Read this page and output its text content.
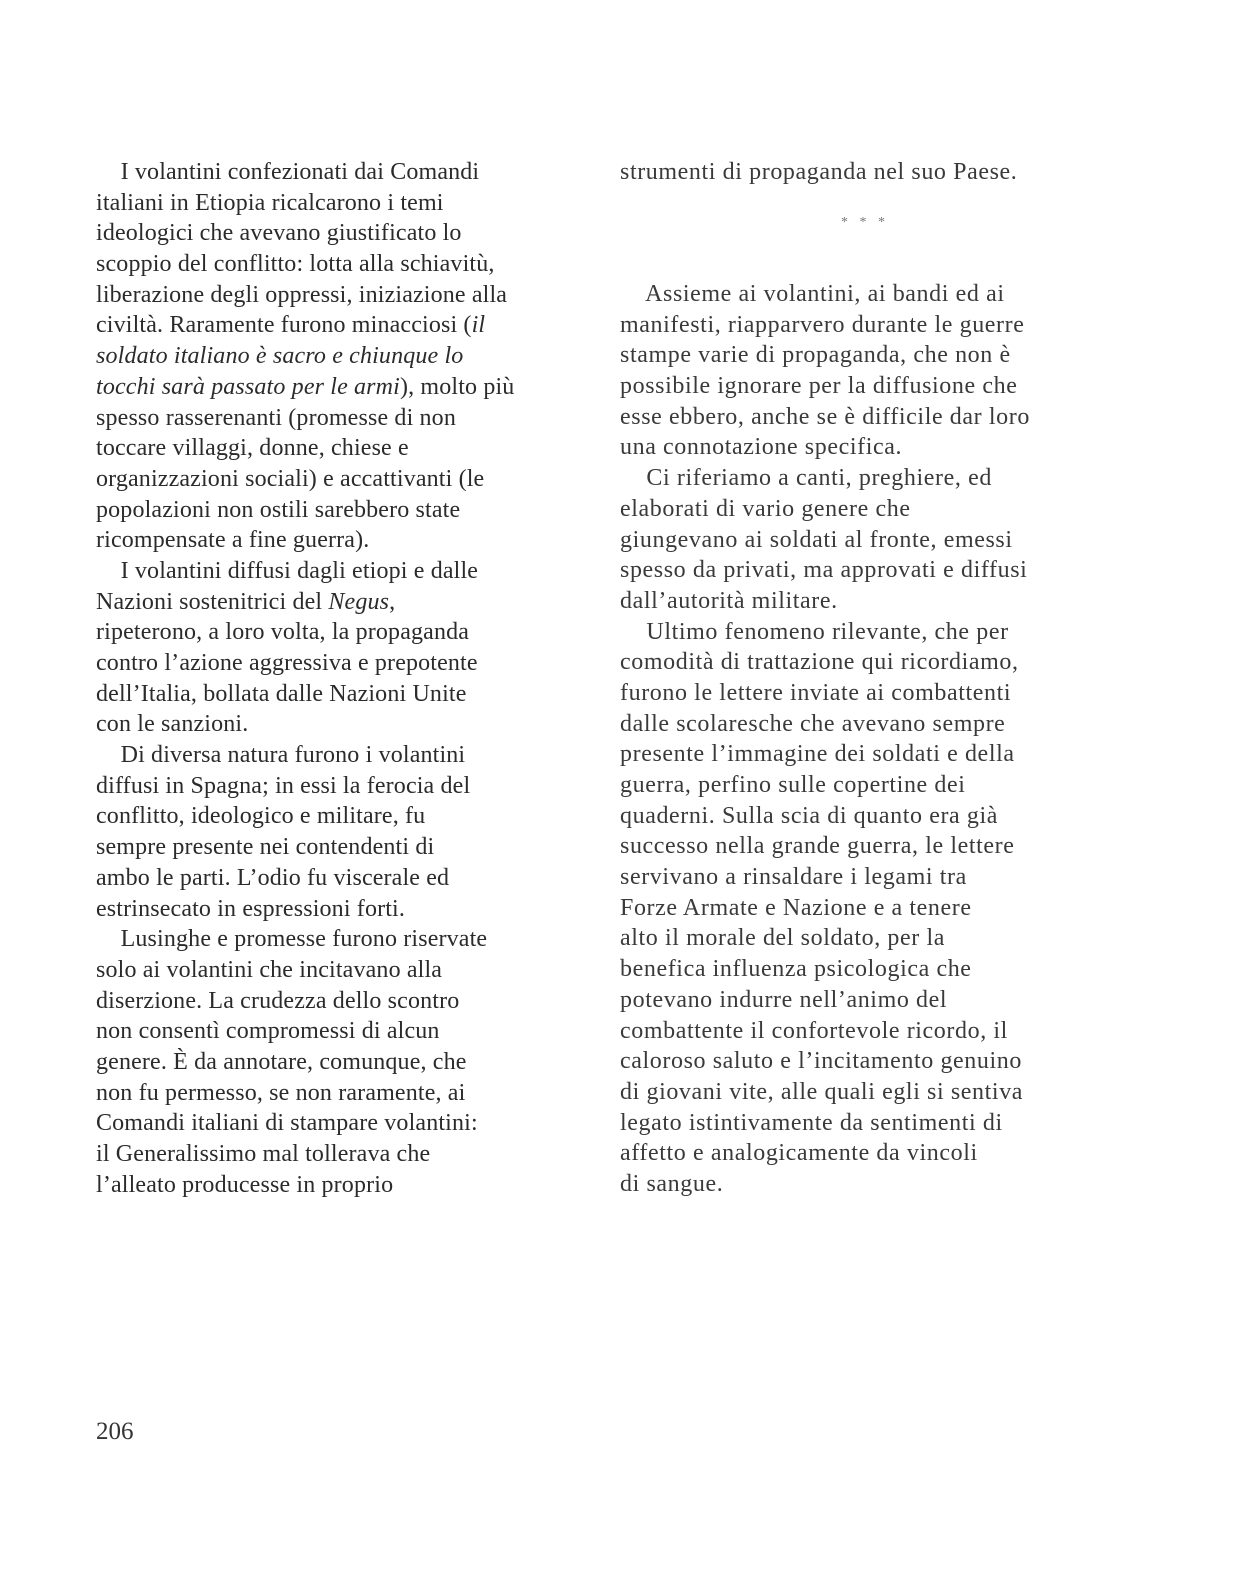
I volantini confezionati dai Comandi
italiani in Etiopia ricalcarono i temi
ideologici che avevano giustificato lo
scoppio del conflitto: lotta alla schiavitù,
liberazione degli oppressi, iniziazione alla
civiltà. Raramente furono minacciosi (il
soldato italiano è sacro e chiunque lo
tocchi sarà passato per le armi), molto più
spesso rasserenanti (promesse di non
toccare villaggi, donne, chiese e
organizzazioni sociali) e accattivanti (le
popolazioni non ostili sarebbero state
ricompensate a fine guerra).
I volantini diffusi dagli etiopi e dalle
Nazioni sostenitrici del Negus,
ripeterono, a loro volta, la propaganda
contro l’azione aggressiva e prepotente
dell’Italia, bollata dalle Nazioni Unite
con le sanzioni.
Di diversa natura furono i volantini
diffusi in Spagna; in essi la ferocia del
conflitto, ideologico e militare, fu
sempre presente nei contendenti di
ambo le parti. L’odio fu viscerale ed
estrinsecato in espressioni forti.
Lusinghe e promesse furono riservate
solo ai volantini che incitavano alla
diserzione. La crudezza dello scontro
non consentì compromessi di alcun
genere. È da annotare, comunque, che
non fu permesso, se non raramente, ai
Comandi italiani di stampare volantini:
il Generalissimo mal tollerava che
l’alleato producesse in proprio
strumenti di propaganda nel suo Paese.
* * *
Assieme ai volantini, ai bandi ed ai
manifesti, riapparvero durante le guerre
stampe varie di propaganda, che non è
possibile ignorare per la diffusione che
esse ebbero, anche se è difficile dar loro
una connotazione specifica.
Ci riferiamo a canti, preghiere, ed
elaborati di vario genere che
giungevano ai soldati al fronte, emessi
spesso da privati, ma approvati e diffusi
dall’autorità militare.
Ultimo fenomeno rilevante, che per
comodità di trattazione qui ricordiamo,
furono le lettere inviate ai combattenti
dalle scolaresche che avevano sempre
presente l’immagine dei soldati e della
guerra, perfino sulle copertine dei
quaderni. Sulla scia di quanto era già
successo nella grande guerra, le lettere
servivano a rinsaldare i legami tra
Forze Armate e Nazione e a tenere
alto il morale del soldato, per la
benefica influenza psicologica che
potevano indurre nell’animo del
combattente il confortevole ricordo, il
caloroso saluto e l’incitamento genuino
di giovani vite, alle quali egli si sentiva
legato istintivamente da sentimenti di
affetto e analogicamente da vincoli
di sangue.
206
